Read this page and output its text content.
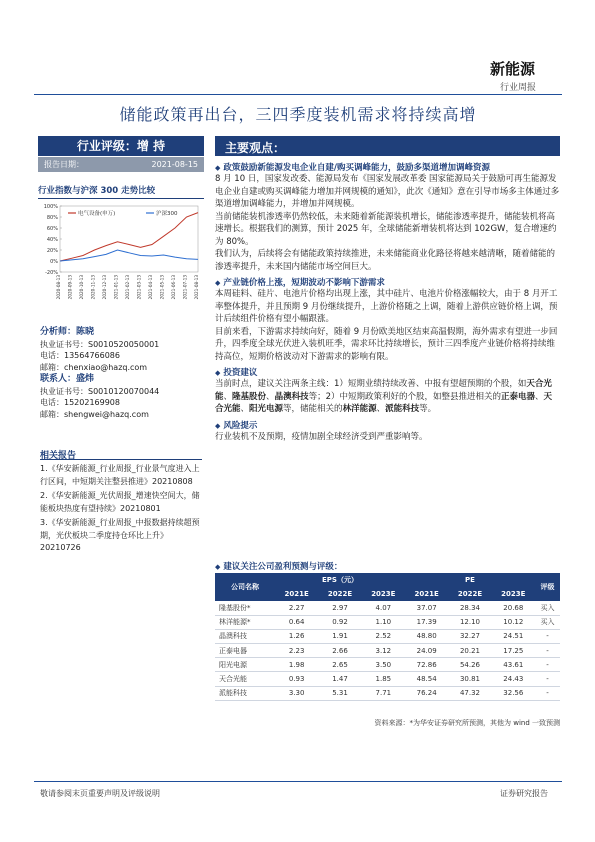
新能源
行业周报
储能政策再出台，三四季度装机需求将持续高增
行业评级：增 持
报告日期：	2021-08-15
行业指数与沪深 300 走势比较
100%
80%
60%
40%
20%
0%
-20%
2020-08-13 2020-09-13 2020-10-13 2020-11-13 2020-12-13 2021-01-13 2021-02-13 2021-03-13 2021-04-13 2021-05-13 2021-06-13 2021-07-13 2021-08-13
电气设备(申万)	沪深300
分析师：陈晓
执业证书号：S0010520050001
电话：13564766086
邮箱：chenxiao@hazq.com
联系人：盛炜
执业证书号：S0010120070044
电话：15202169908
邮箱：shengwei@hazq.com
相关报告

1.《华安新能源_行业周报_行业景气度进入上行区间，中短期关注整县推进》20210808

2.《华安新能源_光伏周报_增速快空间大，储能板块热度有望持续》20210801

3.《华安新能源_行业周报_中报数据持续超预期，光伏板块二季度持仓环比上升》20210726

主要观点：
◆ 政策鼓励新能源发电企业自建/购买调峰能力，鼓励多渠道增加调峰资源

8 月 10 日，国家发改委、能源局发布《国家发展改革委 国家能源局关于鼓励可再生能源发电企业自建或购买调峰能力增加并网规模的通知》，此次《通知》意在引导市场多主体通过多渠道增加调峰能力，并增加并网规模。

当前储能装机渗透率仍然较低，未来随着新能源装机增长，储能渗透率提升，储能装机将高速增长。根据我们的测算，预计 2025 年，全球储能新增装机将达到 102GW，复合增速约为 80%。

我们认为，后续将会有储能政策持续推进，未来储能商业化路径将越来越清晰，随着储能的渗透率提升，未来国内储能市场空间巨大。

◆ 产业链价格上涨，短期波动不影响下游需求

本周硅料、硅片、电池片价格均出现上涨，其中硅片、电池片价格涨幅较大，由于 8 月开工率整体提升，并且预期 9 月份继续提升，上游价格随之上调，随着上游供应链价格上调，预计后续组件价格有望小幅跟涨。

目前来看，下游需求持续向好，随着 9 月份欧美地区结束高温假期，海外需求有望进一步回升，四季度全球光伏进入装机旺季，需求环比持续增长，预计三四季度产业链价格将持续维持高位，短期价格波动对下游需求的影响有限。

◆ 投资建议

当前时点，建议关注两条主线：1）短期业绩持续改善、中报有望超预期的个股，如天合光能、隆基股份、晶澳科技等；2）中短期政策利好的个股，如整县推进相关的正泰电器、天合光能、阳光电源等，储能相关的林洋能源、派能科技等。

◆ 风险提示

行业装机不及预期，疫情加剧全球经济受到严重影响等。

◆ 建议关注公司盈利预测与评级：
公司名称	EPS（元）			PE			评级
	2021E	2022E	2023E	2021E	2022E	2023E	
隆基股份*	2.27	2.97	4.07	37.07	28.34	20.68	买入
林洋能源*	0.64	0.92	1.10	17.39	12.10	10.12	买入
晶澳科技	1.26	1.91	2.52	48.80	32.27	24.51	-
正泰电器	2.23	2.66	3.12	24.09	20.21	17.25	-
阳光电源	1.98	2.65	3.50	72.86	54.26	43.61	-
天合光能	0.93	1.47	1.85	48.54	30.81	24.43	-
派能科技	3.30	5.31	7.71	76.24	47.32	32.56	-
资料来源：*为华安证券研究所预测，其他为 wind 一致预测
敬请参阅末页重要声明及评级说明	证券研究报告
